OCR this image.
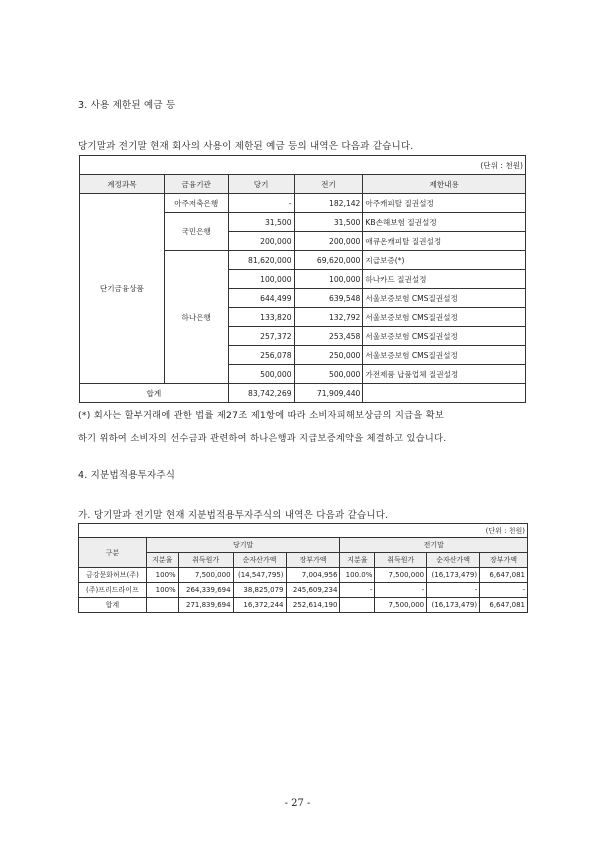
3. 사용 제한된 예금 등
당기말과 전기말 현재 회사의 사용이 제한된 예금 등의 내역은 다음과 같습니다.
(단위 : 천원)				
계정과목	금융기관	당기	전기	제한내용
단기금융상품	아주저축은행	-	182,142	아주캐피탈 질권설정
	국민은행	31,500	31,500	KB손해보험 질권설정
		200,000	200,000	애큐온캐피탈 질권설정
	하나은행	81,620,000	69,620,000	지급보증(*)
		100,000	100,000	하나카드 질권설정
		644,499	639,548	서울보증보험 CMS질권설정
		133,820	132,792	서울보증보험 CMS질권설정
		257,372	253,458	서울보증보험 CMS질권설정
		256,078	250,000	서울보증보험 CMS질권설정
		500,000	500,000	가전제품 납품업체 질권설정
합계		83,742,269	71,909,440	
(*) 회사는 할부거래에 관한 법률 제27조 제1항에 따라 소비자피해보상금의 지급을 확보
하기 위하여 소비자의 선수금과 관련하여 하나은행과 지급보증계약을 체결하고 있습니다.
4. 지분법적용투자주식
가. 당기말과 전기말 현재 지분법적용투자주식의 내역은 다음과 같습니다.
(단위 : 천원)								
구분	당기말				전기말			
	지분율	취득원가	순자산가액	장부가액	지분율	취득원가	순자산가액	장부가액
금강문화허브(주)	100%	7,500,000	(14,547,795)	7,004,956	100.0%	7,500,000	(16,173,479)	6,647,081
(주)프리드라이프	100%	264,339,694	38,825,079	245,609,234	-	-	-	-
합계		271,839,694	16,372,244	252,614,190		7,500,000	(16,173,479)	6,647,081
- 27 -
